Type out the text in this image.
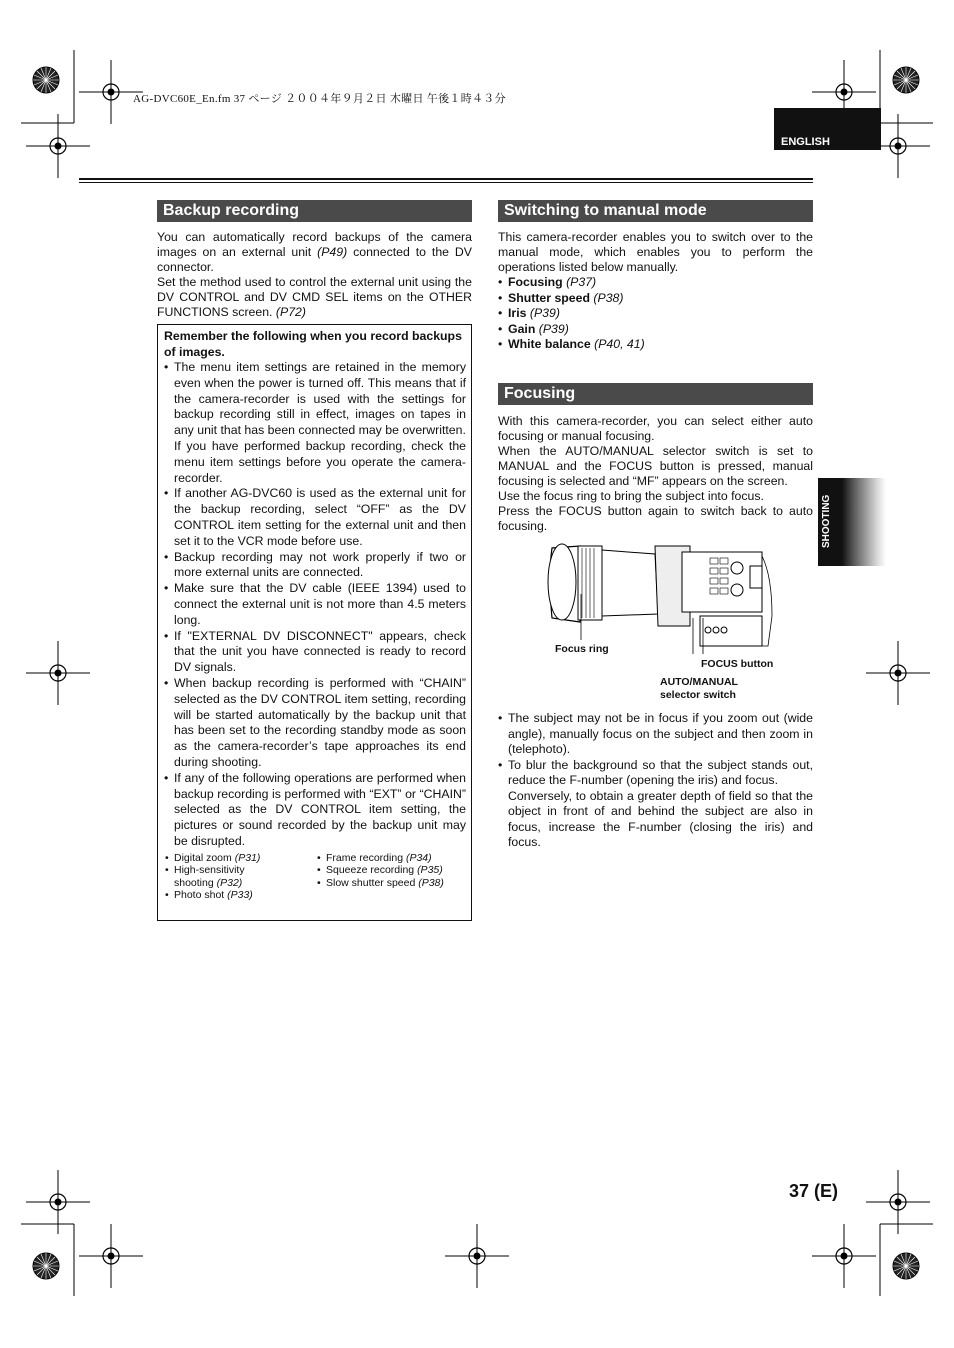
AG-DVC60E_En.fm 37 ページ ２００４年９月２日 木曜日 午後１時４３分
ENGLISH
Backup recording
You can automatically record backups of the camera images on an external unit (P49) connected to the DV connector.
Set the method used to control the external unit using the DV CONTROL and DV CMD SEL items on the OTHER FUNCTIONS screen. (P72)
Remember the following when you record backups of images.
• The menu item settings are retained in the memory even when the power is turned off. This means that if the camera-recorder is used with the settings for backup recording still in effect, images on tapes in any unit that has been connected may be overwritten.
If you have performed backup recording, check the menu item settings before you operate the camera-recorder.
• If another AG-DVC60 is used as the external unit for the backup recording, select “OFF” as the DV CONTROL item setting for the external unit and then set it to the VCR mode before use.
• Backup recording may not work properly if two or more external units are connected.
• Make sure that the DV cable (IEEE 1394) used to connect the external unit is not more than 4.5 meters long.
• If "EXTERNAL DV DISCONNECT" appears, check that the unit you have connected is ready to record DV signals.
• When backup recording is performed with “CHAIN” selected as the DV CONTROL item setting, recording will be started automatically by the backup unit that has been set to the recording standby mode as soon as the camera-recorder’s tape approaches its end during shooting.
• If any of the following operations are performed when backup recording is performed with “EXT” or “CHAIN” selected as the DV CONTROL item setting, the pictures or sound recorded by the backup unit may be disrupted.
• Digital zoom (P31)
• High-sensitivity shooting (P32)
• Photo shot (P33)
• Frame recording (P34)
• Squeeze recording (P35)
• Slow shutter speed (P38)
Switching to manual mode
This camera-recorder enables you to switch over to the manual mode, which enables you to perform the operations listed below manually.
• Focusing (P37)
• Shutter speed (P38)
• Iris (P39)
• Gain (P39)
• White balance (P40, 41)
Focusing
With this camera-recorder, you can select either auto focusing or manual focusing.
When the AUTO/MANUAL selector switch is set to MANUAL and the FOCUS button is pressed, manual focusing is selected and “MF” appears on the screen.
Use the focus ring to bring the subject into focus.
Press the FOCUS button again to switch back to auto focusing.
Focus ring
FOCUS button
AUTO/MANUAL selector switch
• The subject may not be in focus if you zoom out (wide angle), manually focus on the subject and then zoom in (telephoto).
• To blur the background so that the subject stands out, reduce the F-number (opening the iris) and focus.
Conversely, to obtain a greater depth of field so that the object in front of and behind the subject are also in focus, increase the F-number (closing the iris) and focus.
SHOOTING
37 (E)
